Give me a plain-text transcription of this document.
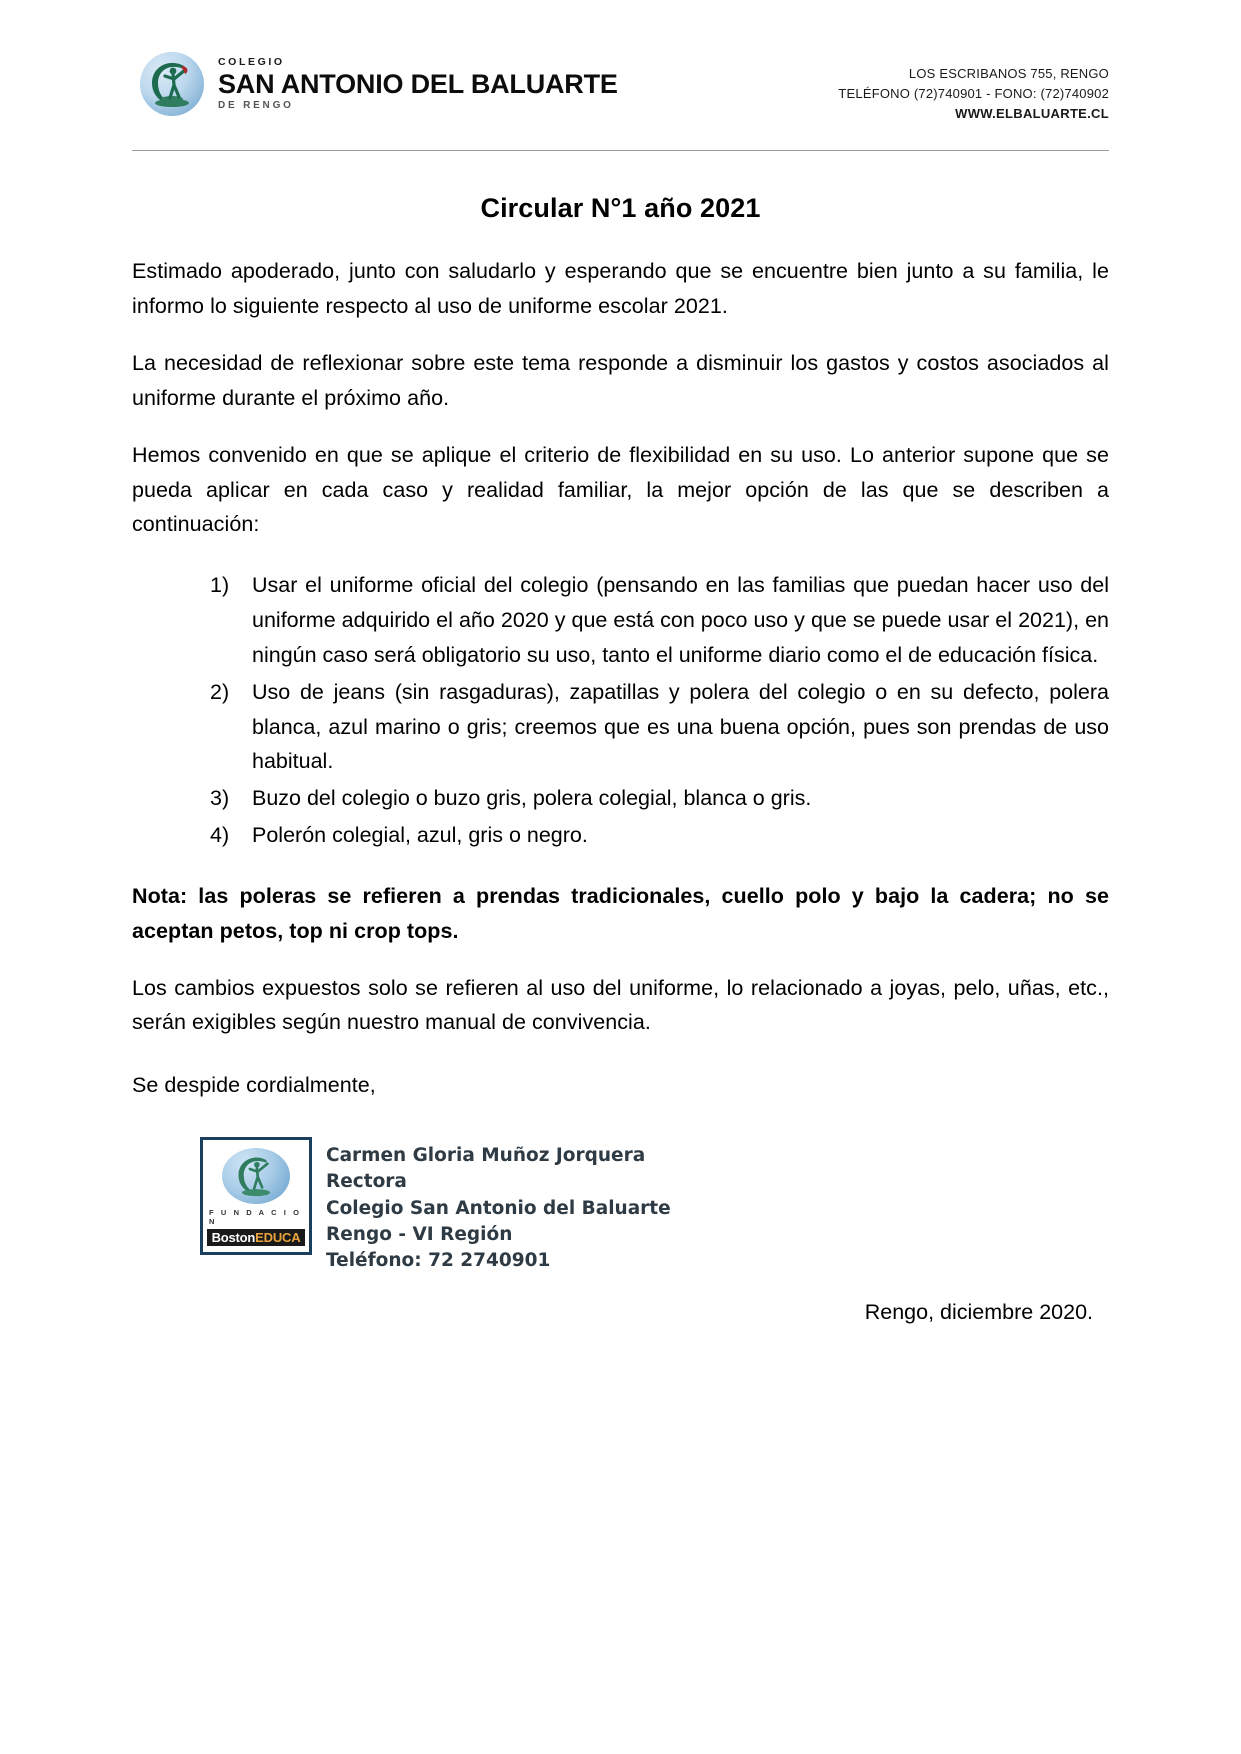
COLEGIO
SAN ANTONIO DEL BALUARTE
DE RENGO
LOS ESCRIBANOS 755, RENGO
TELÉFONO (72)740901 - FONO: (72)740902
WWW.ELBALUARTE.CL
Circular N°1 año 2021

Estimado apoderado, junto con saludarlo y esperando que se encuentre bien junto a su familia, le informo lo siguiente respecto al uso de uniforme escolar 2021.

La necesidad de reflexionar sobre este tema responde a disminuir los gastos y costos asociados al uniforme durante el próximo año.

Hemos convenido en que se aplique el criterio de flexibilidad en su uso. Lo anterior supone que se pueda aplicar en cada caso y realidad familiar, la mejor opción de las que se describen a continuación:

Usar el uniforme oficial del colegio (pensando en las familias que puedan hacer uso del uniforme adquirido el año 2020 y que está con poco uso y que se puede usar el 2021), en ningún caso será obligatorio su uso, tanto el uniforme diario como el de educación física.
Uso de jeans (sin rasgaduras), zapatillas y polera del colegio o en su defecto, polera blanca, azul marino o gris; creemos que es una buena opción, pues son prendas de uso habitual.
Buzo del colegio o buzo gris, polera colegial, blanca o gris.
Polerón colegial, azul, gris o negro.

Nota: las poleras se refieren a prendas tradicionales, cuello polo y bajo la cadera; no se aceptan petos, top ni crop tops.

Los cambios expuestos solo se refieren al uso del uniforme, lo relacionado a joyas, pelo, uñas, etc., serán exigibles según nuestro manual de convivencia.

Se despide cordialmente,

F U N D A C I O N
BostonEDUCA
Carmen Gloria Muñoz Jorquera
Rectora
Colegio San Antonio del Baluarte
Rengo - VI Región
Teléfono: 72 2740901

Rengo, diciembre 2020.
